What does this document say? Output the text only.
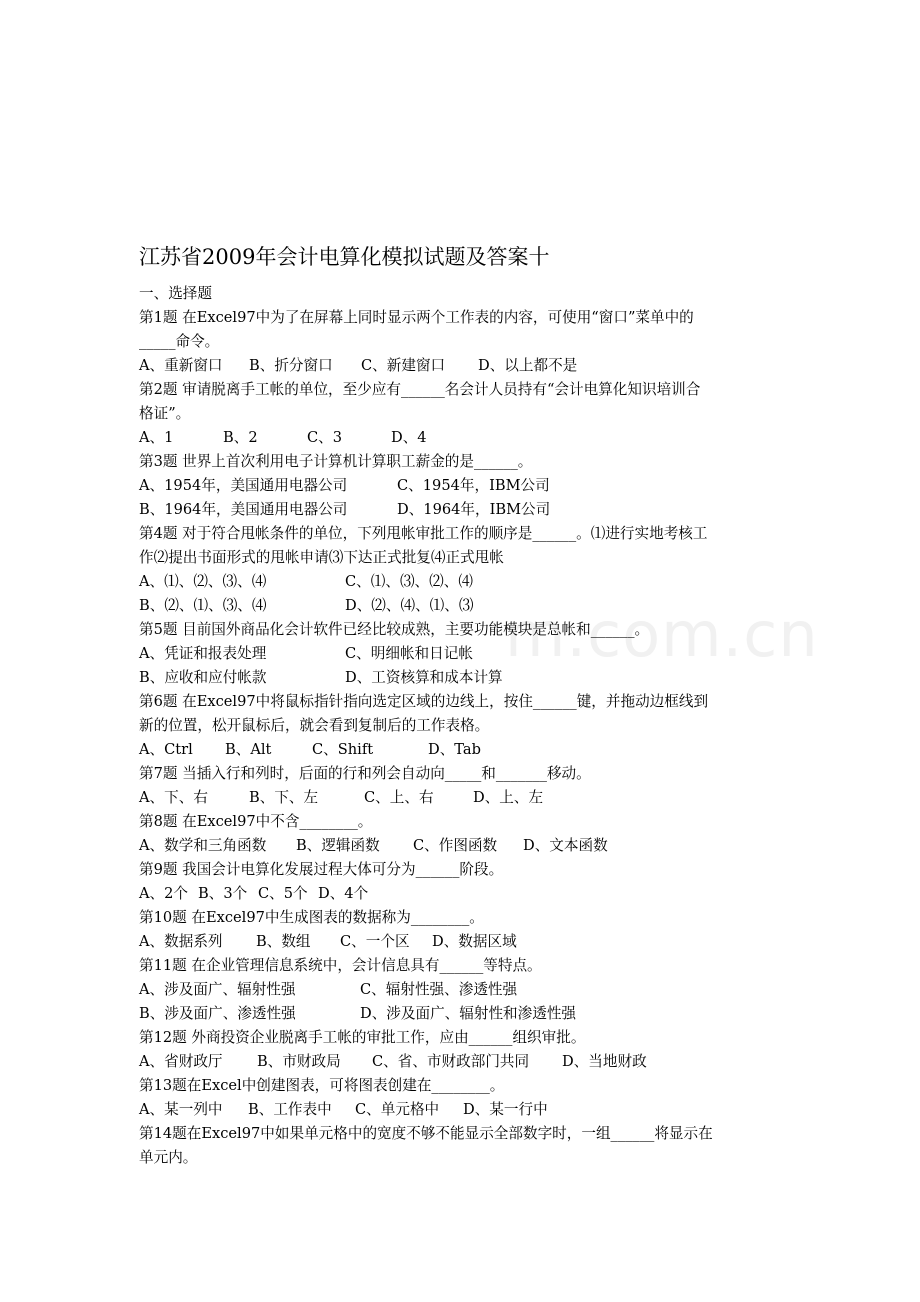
m.com.cn
江苏省2009年会计电算化模拟试题及答案十
一、选择题
第1题 在Excel97中为了在屏幕上同时显示两个工作表的内容，可使用“窗口”菜单中的
_____命令。
A、重新窗口	B、折分窗口	C、新建窗口	D、以上都不是
第2题 审请脱离手工帐的单位，至少应有______名会计人员持有“会计电算化知识培训合
格证”。
A、1	B、2	C、3	D、4
第3题 世界上首次利用电子计算机计算职工薪金的是______。
A、1954年，美国通用电器公司	C、1954年，IBM公司
B、1964年，美国通用电器公司	D、1964年，IBM公司
第4题 对于符合甩帐条件的单位，下列甩帐审批工作的顺序是______。⑴进行实地考核工
作⑵提出书面形式的甩帐申请⑶下达正式批复⑷正式甩帐
A、⑴、⑵、⑶、⑷	C、⑴、⑶、⑵、⑷
B、⑵、⑴、⑶、⑷	D、⑵、⑷、⑴、⑶
第5题 目前国外商品化会计软件已经比较成熟，主要功能模块是总帐和______。
A、凭证和报表处理	C、明细帐和日记帐
B、应收和应付帐款	D、工资核算和成本计算
第6题 在Excel97中将鼠标指针指向选定区域的边线上，按住______键，并拖动边框线到
新的位置，松开鼠标后，就会看到复制后的工作表格。
A、Ctrl	B、Alt	C、Shift	D、Tab
第7题 当插入行和列时，后面的行和列会自动向_____和_______移动。
A、下、右	B、下、左	C、上、右	D、上、左
第8题 在Excel97中不含________。
A、数学和三角函数	B、逻辑函数	C、作图函数	D、文本函数
第9题 我国会计电算化发展过程大体可分为______阶段。
A、2个 B、3个 C、5个 D、4个
第10题 在Excel97中生成图表的数据称为________。
A、数据系列	B、数组	C、一个区	D、数据区域
第11题 在企业管理信息系统中，会计信息具有______等特点。
A、涉及面广、辐射性强	C、辐射性强、渗透性强
B、涉及面广、渗透性强	D、涉及面广、辐射性和渗透性强
第12题 外商投资企业脱离手工帐的审批工作，应由______组织审批。
A、省财政厅	B、市财政局	C、省、市财政部门共同	D、当地财政
第13题在Excel中创建图表，可将图表创建在________。
A、某一列中	B、工作表中	C、单元格中	D、某一行中
第14题在Excel97中如果单元格中的宽度不够不能显示全部数字时，一组______将显示在
单元内。
